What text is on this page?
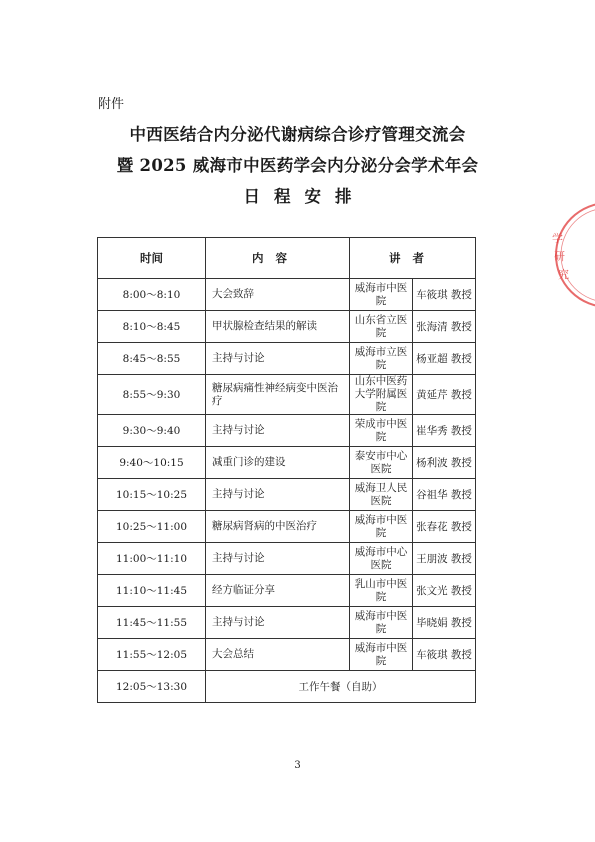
附件
中西医结合内分泌代谢病综合诊疗管理交流会
暨 2025 威海市中医药学会内分泌分会学术年会
日程安排
时间	内容	讲者	
8:00～8:10	大会致辞	威海市中医院	车筱琪 教授
8:10～8:45	甲状腺检查结果的解读	山东省立医院	张海清 教授
8:45～8:55	主持与讨论	威海市立医院	杨亚超 教授
8:55～9:30	糖尿病痛性神经病变中医治疗	山东中医药大学附属医院	黄延芹 教授
9:30～9:40	主持与讨论	荣成市中医院	崔华秀 教授
9:40～10:15	减重门诊的建设	泰安市中心医院	杨利波 教授
10:15～10:25	主持与讨论	威海卫人民医院	谷祖华 教授
10:25～11:00	糖尿病肾病的中医治疗	威海市中医院	张春花 教授
11:00～11:10	主持与讨论	威海市中心医院	王朋波 教授
11:10～11:45	经方临证分享	乳山市中医院	张文光 教授
11:45～11:55	主持与讨论	威海市中医院	毕晓娟 教授
11:55～12:05	大会总结	威海市中医院	车筱琪 教授
12:05～13:30	工作午餐（自助）		
学
研
究
3
